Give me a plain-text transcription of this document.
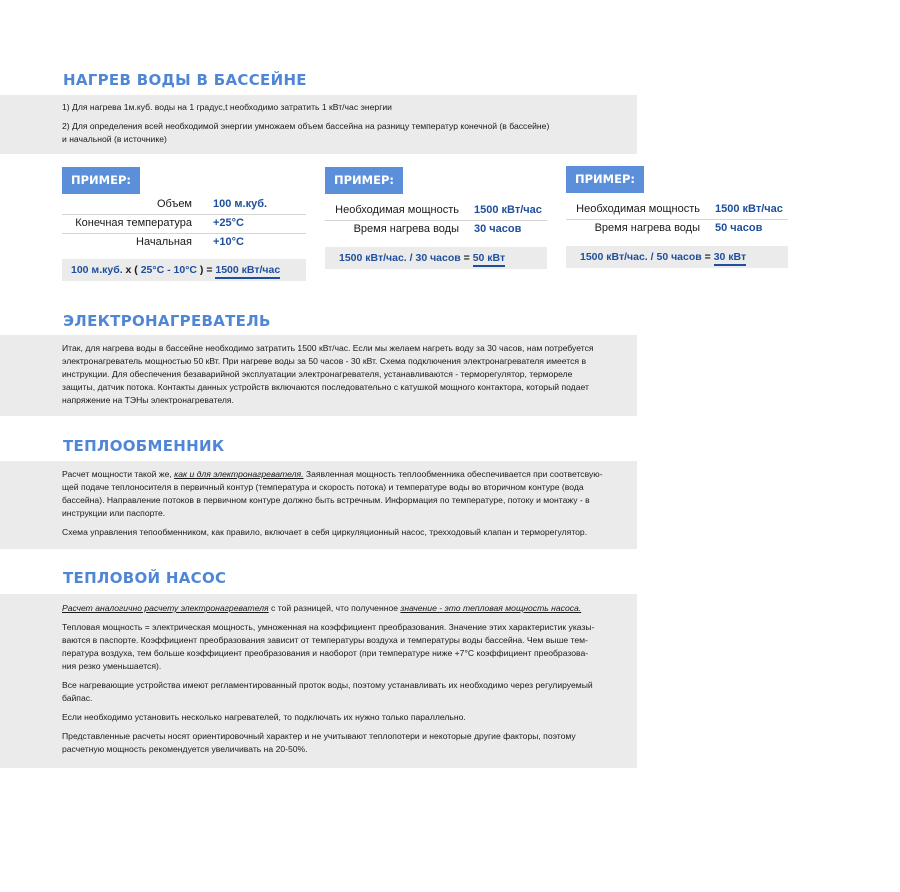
НАГРЕВ ВОДЫ В БАССЕЙНЕ

1) Для нагрева 1м.куб. воды на 1 градус,t необходимо затратить 1 кВт/час энергии

2) Для определения всей необходимой энергии умножаем объем бассейна на разницу температур конечной (в бассейне)

и начальной (в источнике)

ПРИМЕР:
Объем 100 м.куб.
Конечная температура +25°С
Начальная +10°С
100 м.куб. x ( 25°С - 10°С ) = 1500 кВт/час
ПРИМЕР:
Необходимая мощность 1500 кВт/час
Время нагрева воды 30 часов
1500 кВт/час. / 30 часов = 50 кВт
ПРИМЕР:
Необходимая мощность 1500 кВт/час
Время нагрева воды 50 часов
1500 кВт/час. / 50 часов = 30 кВт
ЭЛЕКТРОНАГРЕВАТЕЛЬ

Итак, для нагрева воды в бассейне необходимо затратить 1500 кВт/час. Если мы желаем нагреть воду за 30 часов, нам потребуется

электронагреватель мощностью 50 кВт. При нагреве воды за 50 часов - 30 кВт. Схема подключения электронагревателя имеется в

инструкции. Для обеспечения безаварийной эксплуатации электронагревателя, устанавливаются - терморегулятор, термореле

защиты, датчик потока. Контакты данных устройств включаются последовательно с катушкой мощного контактора, который подает

напряжение на ТЭНы электронагревателя.

ТЕПЛООБМЕННИК

Расчет мощности такой же, как и для электронагревателя. Заявленная мощность теплообменника обеспечивается при соответсвую-

щей подаче теплоносителя в первичный контур (температура и скорость потока) и температуре воды во вторичном контуре (вода

бассейна). Направление потоков в первичном контуре должно быть встречным. Информация по температуре, потоку и монтажу - в

инструкции или паспорте.

Схема управления тепообменником, как правило, включает в себя циркуляционный насос, трехходовый клапан и терморегулятор.

ТЕПЛОВОЙ НАСОС

Расчет аналогично расчету электронагревателя с той разницей, что полученное значение - это тепловая мощность насоса.

Тепловая мощность = электрическая мощность, умноженная на коэффициент преобразования. Значение этих характеристик указы-

ваются в паспорте. Коэффициент преобразования зависит от температуры воздуха и температуры воды бассейна. Чем выше тем-

пература воздуха, тем больше коэффициент преобразования и наоборот (при температуре ниже +7°С коэффициент преобразова-

ния резко уменьшается).

Все нагревающие устройства имеют регламентированный проток воды, поэтому устанавливать их необходимо через регулируемый

байпас.

Если необходимо установить несколько нагревателей, то подключать их нужно только параллельно.

Представленные расчеты носят ориентировочный характер и не учитывают теплопотери и некоторые другие факторы, поэтому

расчетную мощность рекомендуется увеличивать на 20-50%.
